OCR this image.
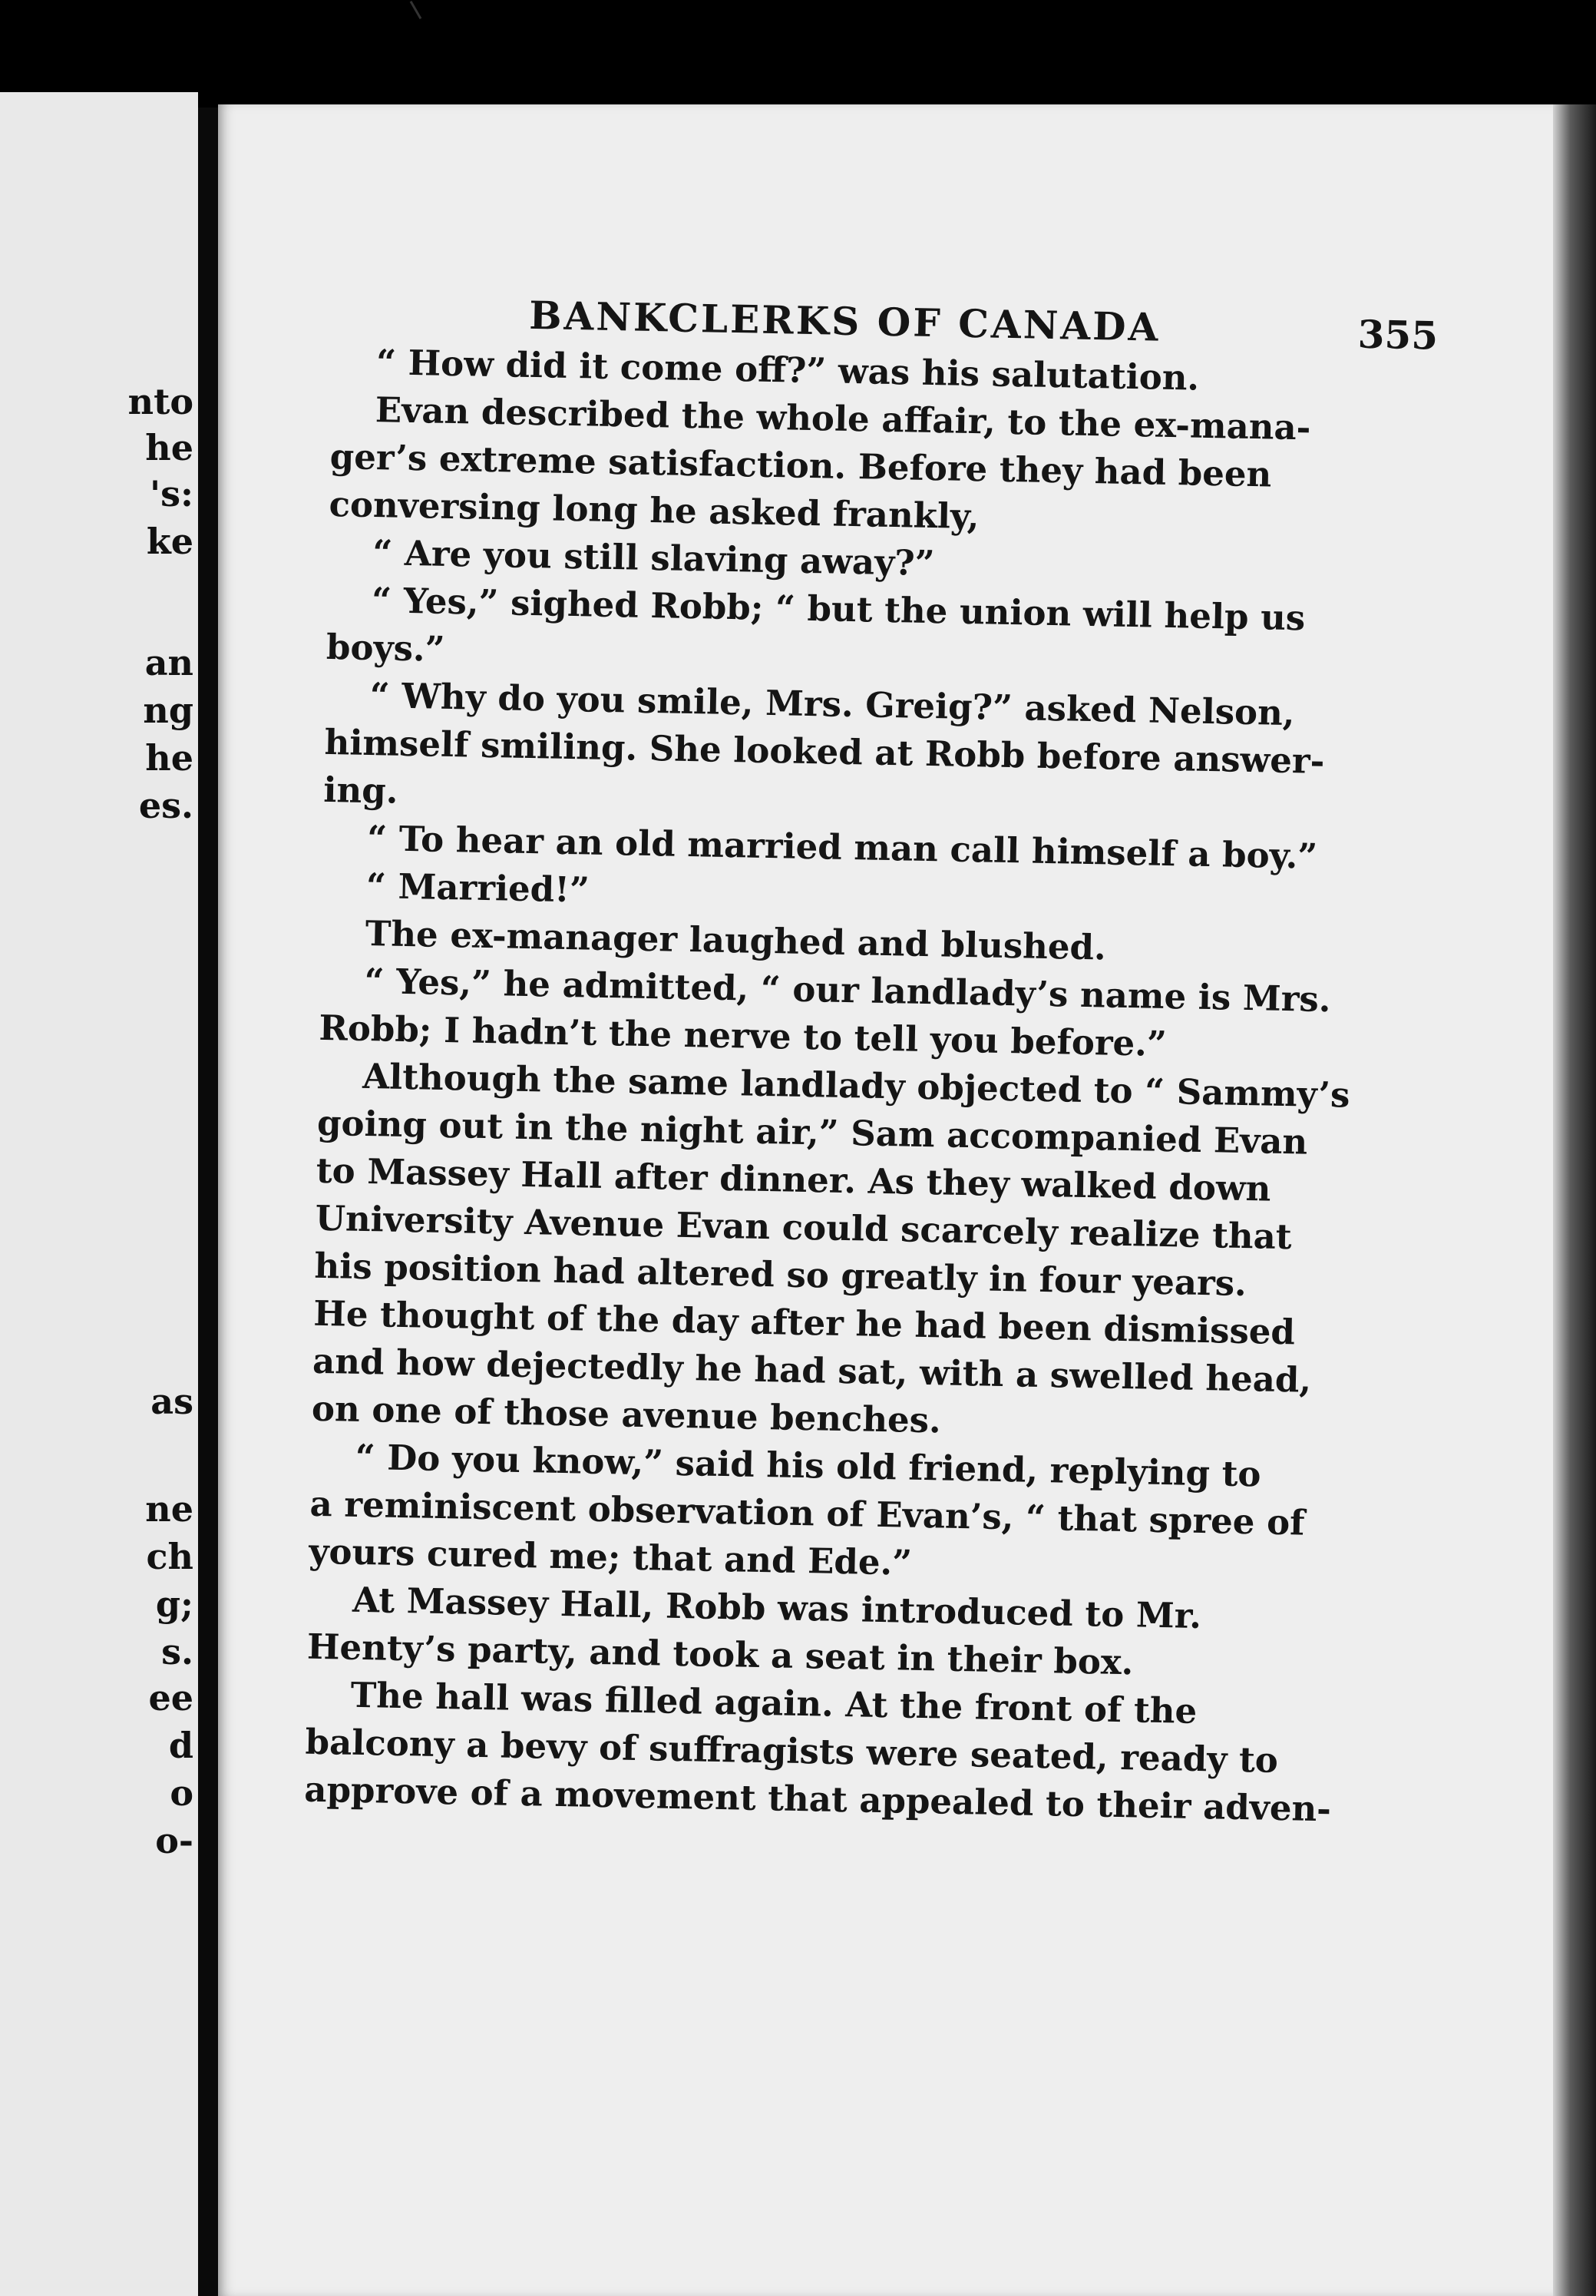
nto
he
's:
ke
an
ng
he
es.
as
ne
ch
g;
s.
ee
d
o
o-
BANKCLERKS OF CANADA	355
“ How did it come off?” was his salutation.
Evan described the whole affair, to the ex-mana-
ger’s extreme satisfaction. Before they had been
conversing long he asked frankly,
“ Are you still slaving away?”
“ Yes,” sighed Robb; “ but the union will help us
boys.”
“ Why do you smile, Mrs. Greig?” asked Nelson,
himself smiling. She looked at Robb before answer-
ing.
“ To hear an old married man call himself a boy.”
“ Married!”
The ex-manager laughed and blushed.
“ Yes,” he admitted, “ our landlady’s name is Mrs.
Robb; I hadn’t the nerve to tell you before.”
Although the same landlady objected to “ Sammy’s
going out in the night air,” Sam accompanied Evan
to Massey Hall after dinner. As they walked down
University Avenue Evan could scarcely realize that
his position had altered so greatly in four years.
He thought of the day after he had been dismissed
and how dejectedly he had sat, with a swelled head,
on one of those avenue benches.
“ Do you know,” said his old friend, replying to
a reminiscent observation of Evan’s, “ that spree of
yours cured me; that and Ede.”
At Massey Hall, Robb was introduced to Mr.
Henty’s party, and took a seat in their box.
The hall was filled again. At the front of the
balcony a bevy of suffragists were seated, ready to
approve of a movement that appealed to their adven-
